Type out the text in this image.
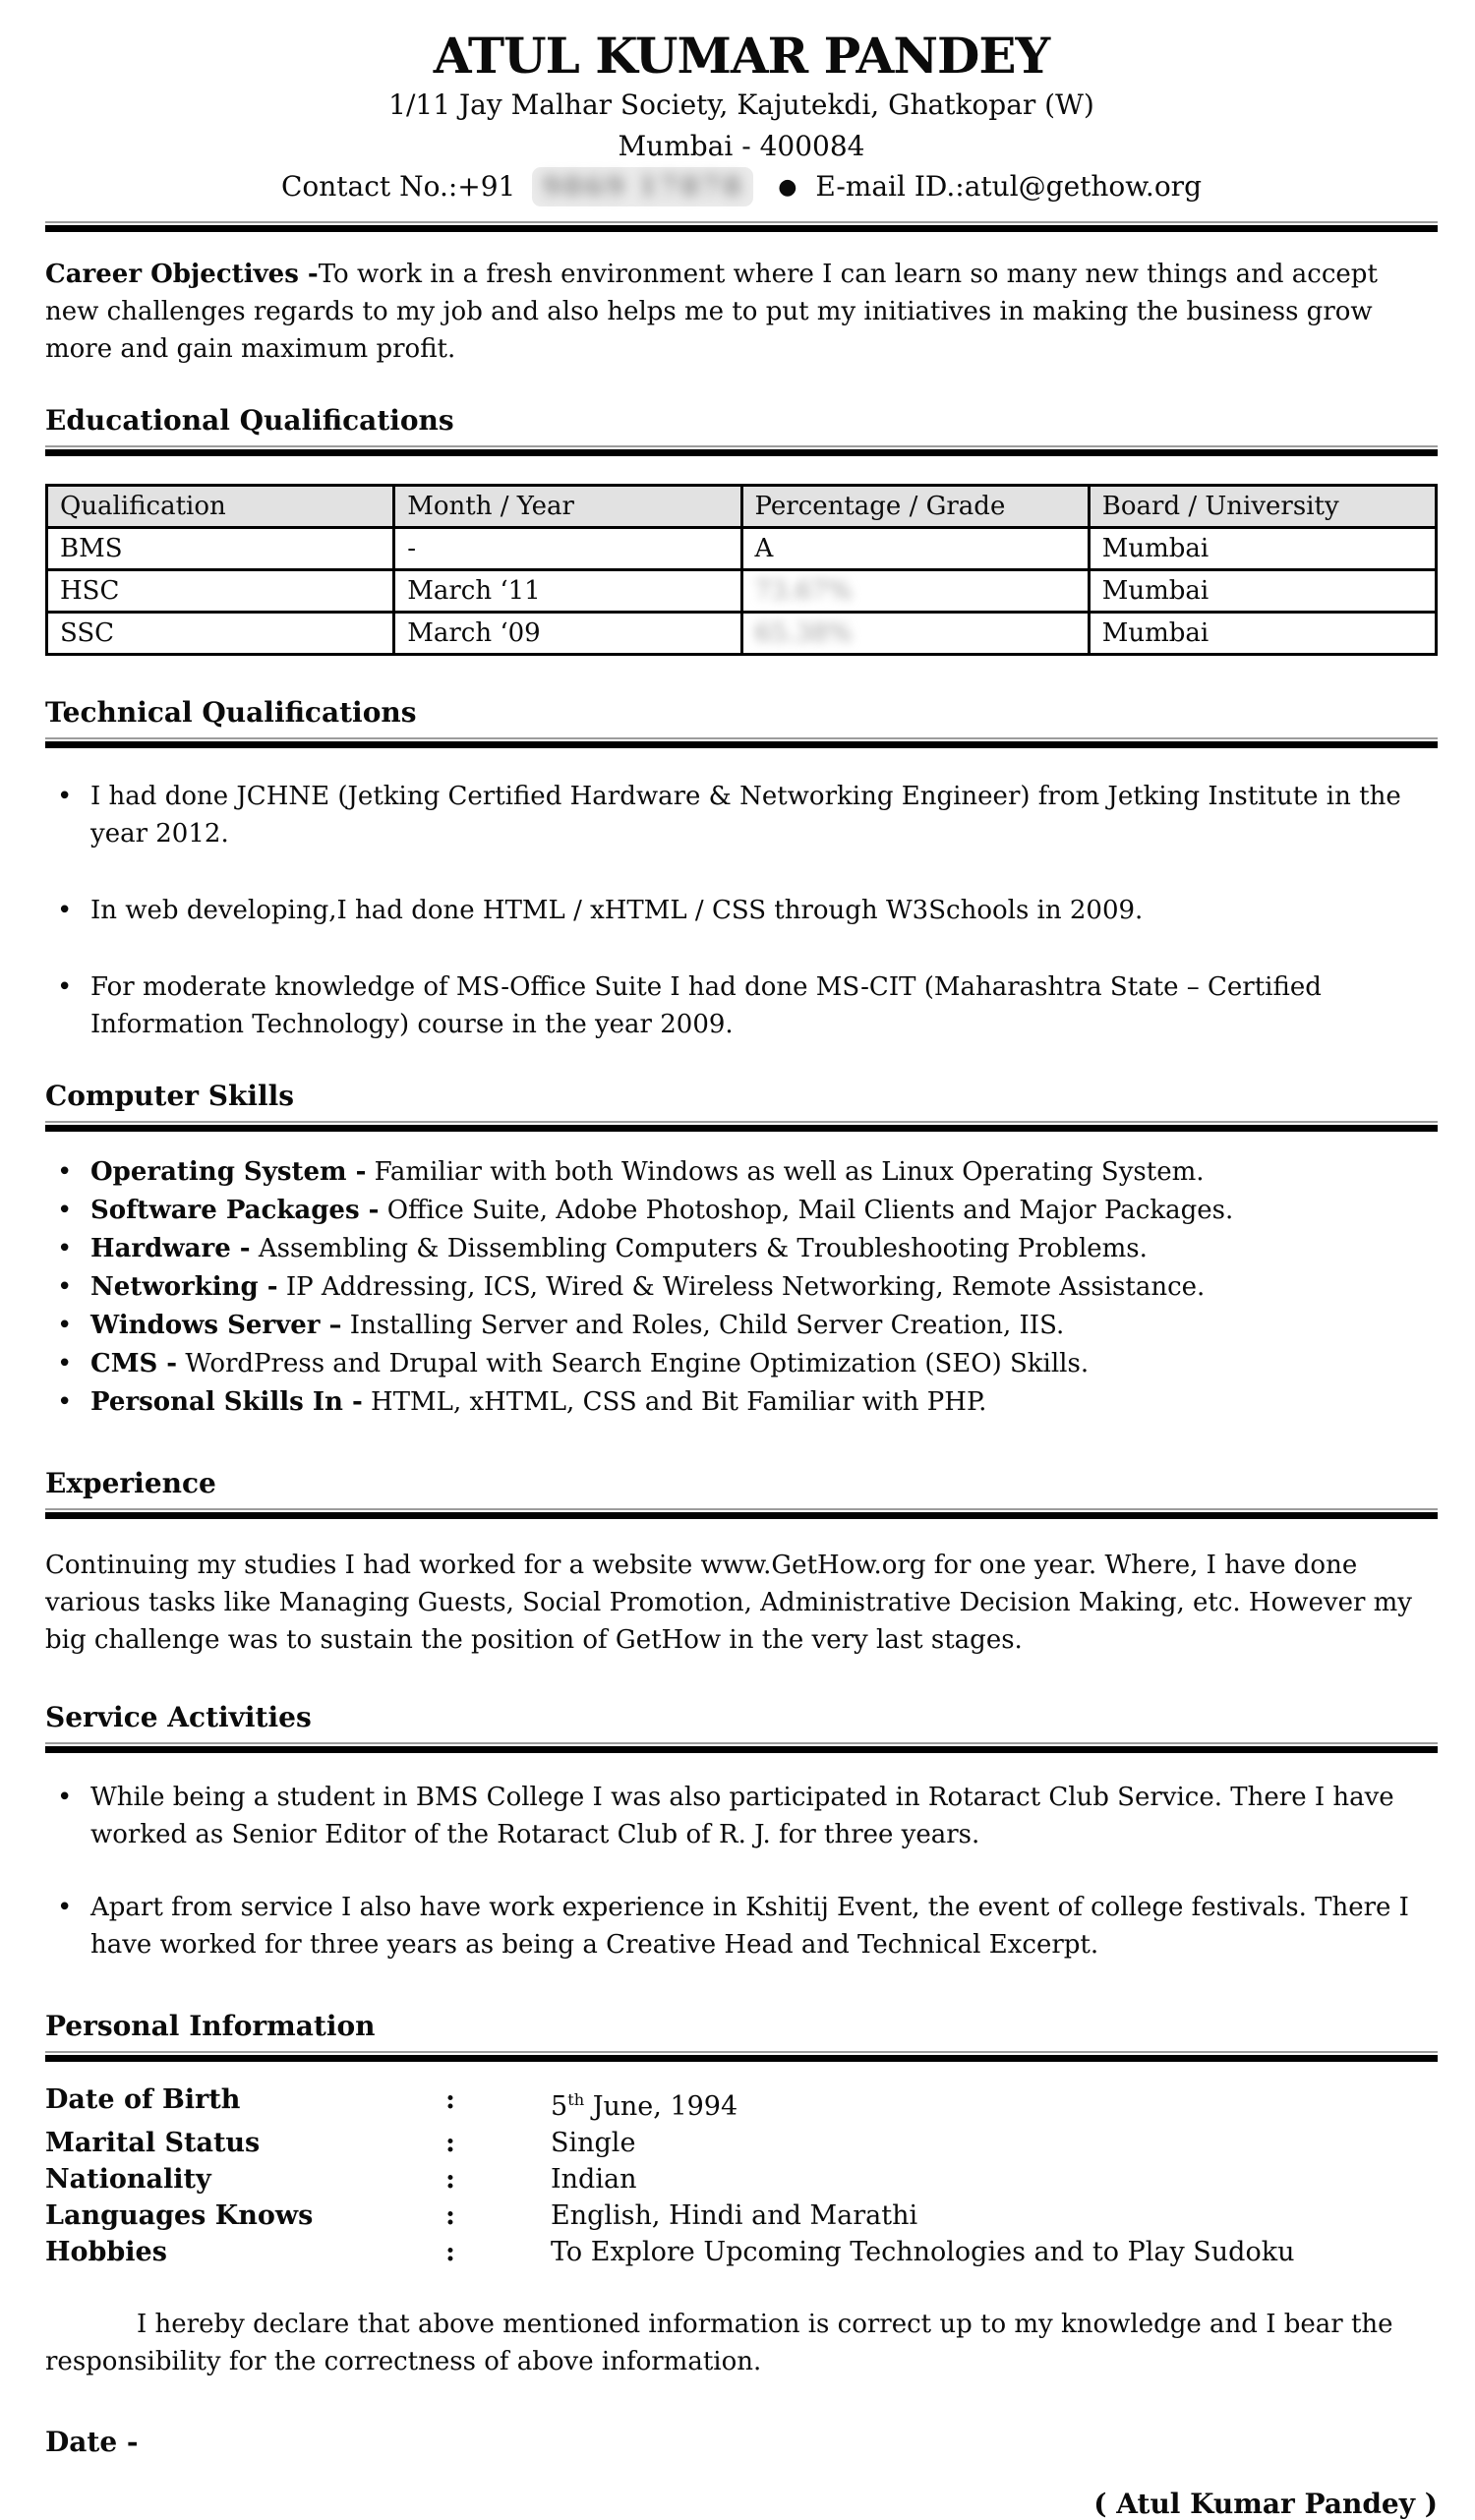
ATUL KUMAR PANDEY

1/11 Jay Malhar Society, Kajutekdi, Ghatkopar (W)

Mumbai - 400084

Contact No.:+91 9869 17878 ● E-mail ID.:atul@gethow.org

Career Objectives -To work in a fresh environment where I can learn so many new things and accept new challenges regards to my job and also helps me to put my initiatives in making the business grow more and gain maximum profit.

Educational Qualifications
Qualification	Month / Year	Percentage / Grade	Board / University
BMS	-	A	Mumbai
HSC	March ‘11	73.67%	Mumbai
SSC	March ‘09	65.38%	Mumbai
Technical Qualifications
• I had done JCHNE (Jetking Certified Hardware & Networking Engineer) from Jetking Institute in the year 2012.
• In web developing,I had done HTML / xHTML / CSS through W3Schools in 2009.
• For moderate knowledge of MS-Office Suite I had done MS-CIT (Maharashtra State – Certified Information Technology) course in the year 2009.
Computer Skills
• Operating System - Familiar with both Windows as well as Linux Operating System.
• Software Packages - Office Suite, Adobe Photoshop, Mail Clients and Major Packages.
• Hardware - Assembling & Dissembling Computers & Troubleshooting Problems.
• Networking - IP Addressing, ICS, Wired & Wireless Networking, Remote Assistance.
• Windows Server – Installing Server and Roles, Child Server Creation, IIS.
• CMS - WordPress and Drupal with Search Engine Optimization (SEO) Skills.
• Personal Skills In - HTML, xHTML, CSS and Bit Familiar with PHP.
Experience

Continuing my studies I had worked for a website www.GetHow.org for one year. Where, I have done various tasks like Managing Guests, Social Promotion, Administrative Decision Making, etc. However my big challenge was to sustain the position of GetHow in the very last stages.

Service Activities
• While being a student in BMS College I was also participated in Rotaract Club Service. There I have worked as Senior Editor of the Rotaract Club of R. J. for three years.
• Apart from service I also have work experience in Kshitij Event, the event of college festivals. There I have worked for three years as being a Creative Head and Technical Excerpt.
Personal Information
Date of Birth	:	5th June, 1994
Marital Status	:	Single
Nationality	:	Indian
Languages Knows	:	English, Hindi and Marathi
Hobbies	:	To Explore Upcoming Technologies and to Play Sudoku

I hereby declare that above mentioned information is correct up to my knowledge and I bear the responsibility for the correctness of above information.

Date -

( Atul Kumar Pandey )
